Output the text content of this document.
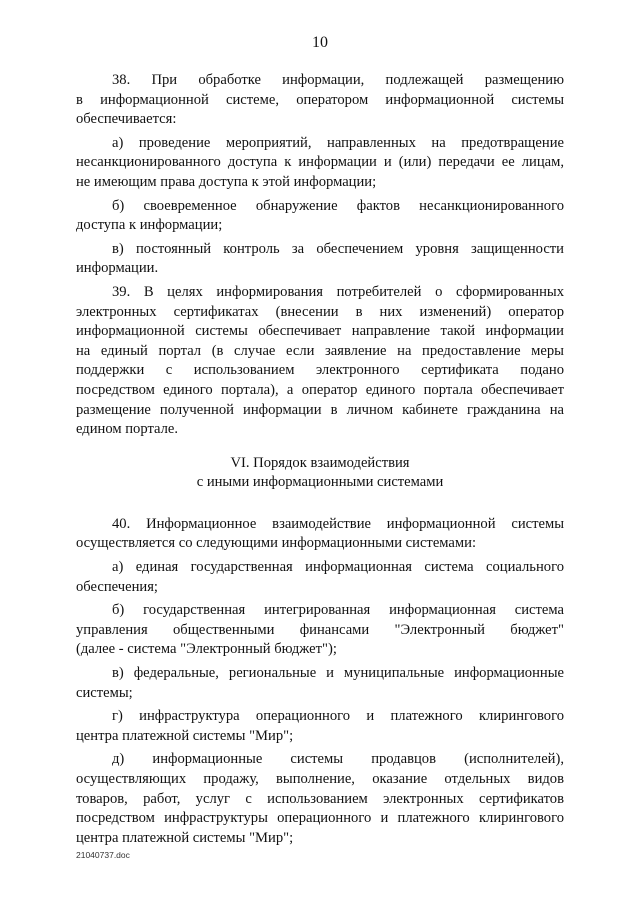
10
38. При обработке информации, подлежащей размещению
в информационной системе, оператором информационной системы
обеспечивается:
а) проведение мероприятий, направленных на предотвращение
несанкционированного доступа к информации и (или) передачи ее лицам,
не имеющим права доступа к этой информации;
б) своевременное обнаружение фактов несанкционированного
доступа к информации;
в) постоянный контроль за обеспечением уровня защищенности
информации.
39. В целях информирования потребителей о сформированных
электронных сертификатах (внесении в них изменений) оператор
информационной системы обеспечивает направление такой информации
на единый портал (в случае если заявление на предоставление меры
поддержки с использованием электронного сертификата подано
посредством единого портала), а оператор единого портала обеспечивает
размещение полученной информации в личном кабинете гражданина на
едином портале.
VI. Порядок взаимодействия
с иными информационными системами
40. Информационное взаимодействие информационной системы
осуществляется со следующими информационными системами:
а) единая государственная информационная система социального
обеспечения;
б) государственная интегрированная информационная система
управления общественными финансами "Электронный бюджет"
(далее - система "Электронный бюджет");
в) федеральные, региональные и муниципальные информационные
системы;
г) инфраструктура операционного и платежного клирингового
центра платежной системы "Мир";
д) информационные системы продавцов (исполнителей),
осуществляющих продажу, выполнение, оказание отдельных видов
товаров, работ, услуг с использованием электронных сертификатов
посредством инфраструктуры операционного и платежного клирингового
центра платежной системы "Мир";
21040737.doc
